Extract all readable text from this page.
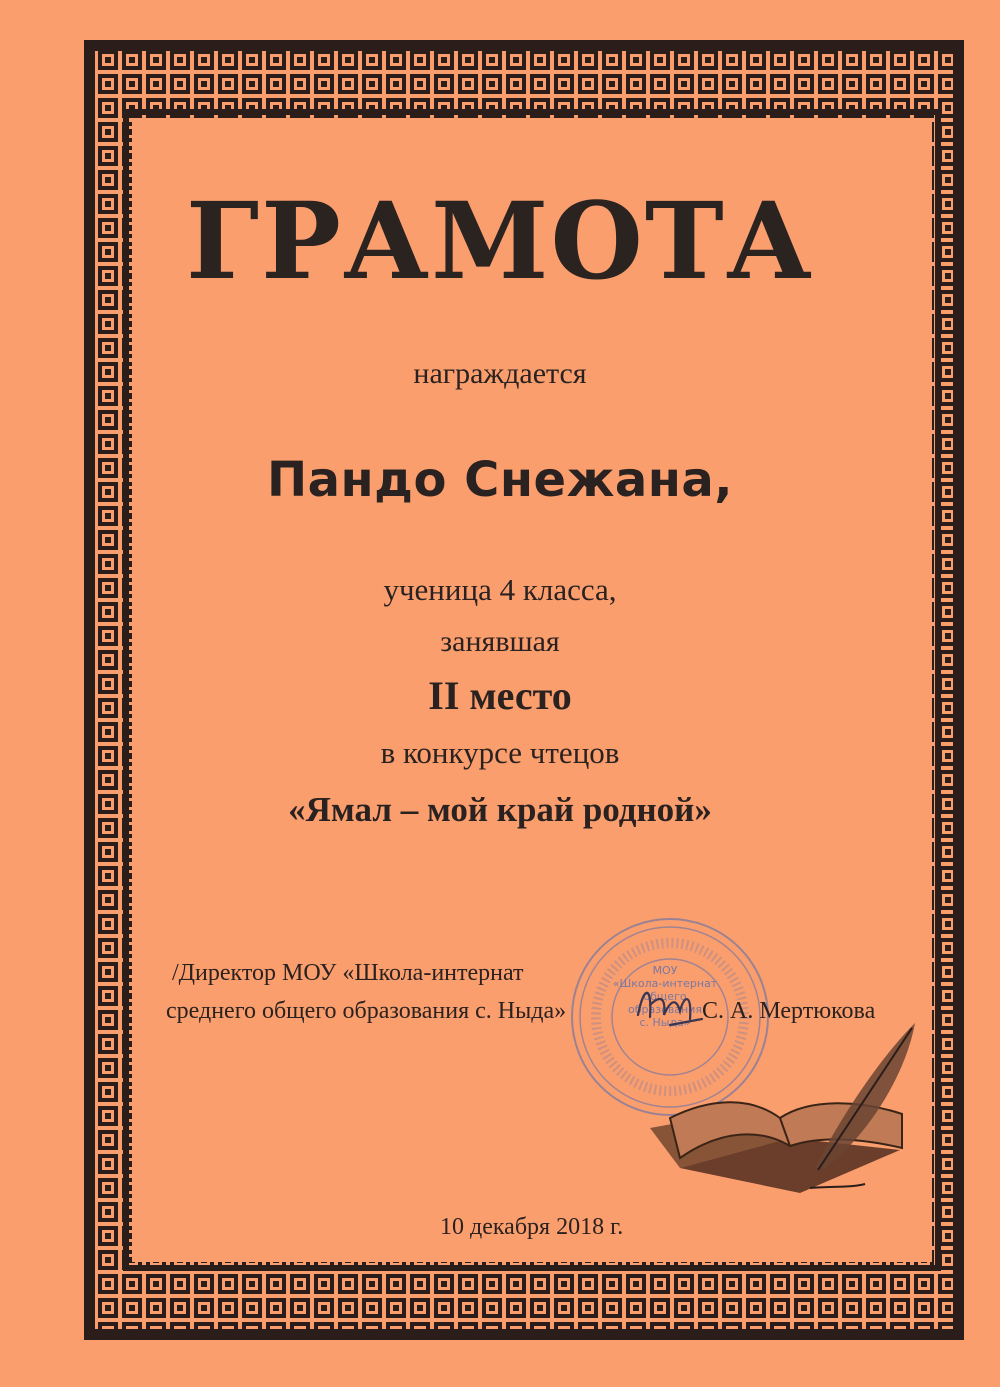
ГРАМОТА

награждается

Пандо Снежана,

ученица 4 класса,

занявшая

II место

в конкурсе чтецов

«Ямал – мой край родной»

МОУ
«Школа-интернат
общего образования
с. Ныда»

/Директор МОУ «Школа-интернат

среднего общего образования с. Ныда»	С. А. Мертюкова

10 декабря 2018 г.
